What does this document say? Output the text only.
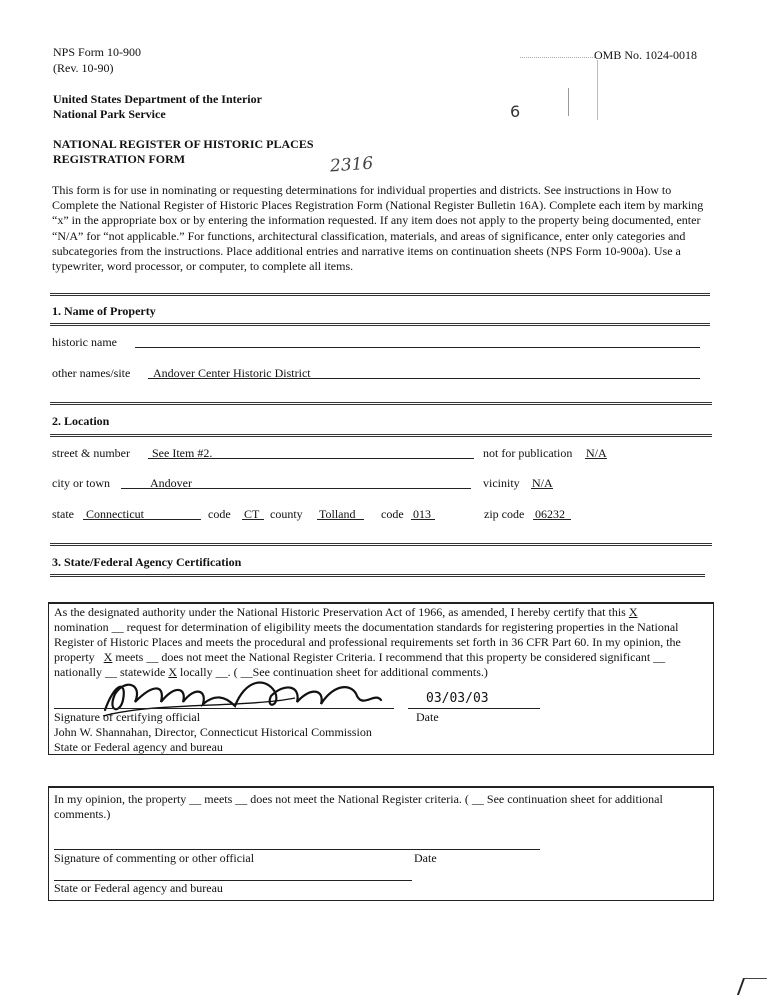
NPS Form 10-900
(Rev. 10-90)
OMB No. 1024-0018
6
United States Department of the Interior
National Park Service
NATIONAL REGISTER OF HISTORIC PLACES
REGISTRATION FORM	2316
This form is for use in nominating or requesting determinations for individual properties and districts. See instructions in How to Complete the National Register of Historic Places Registration Form (National Register Bulletin 16A). Complete each item by marking “x” in the appropriate box or by entering the information requested. If any item does not apply to the property being documented, enter “N/A” for “not applicable.” For functions, architectural classification, materials, and areas of significance, enter only categories and subcategories from the instructions. Place additional entries and narrative items on continuation sheets (NPS Form 10-900a). Use a typewriter, word processor, or computer, to complete all items.
1. Name of Property
historic name
other names/site Andover Center Historic District
2. Location
street & number See Item #2.	not for publication N/A
city or town	Andover	vicinity N/A
state Connecticut	code CT county Tolland code 013	zip code 06232
3. State/Federal Agency Certification
As the designated authority under the National Historic Preservation Act of 1966, as amended, I hereby certify that this X
nomination __ request for determination of eligibility meets the documentation standards for registering properties in the National
Register of Historic Places and meets the procedural and professional requirements set forth in 36 CFR Part 60. In my opinion, the
property X meets __ does not meet the National Register Criteria. I recommend that this property be considered significant __
nationally __ statewide X locally __. ( __See continuation sheet for additional comments.)
03/03/03
Signature of certifying official	Date
John W. Shannahan, Director, Connecticut Historical Commission
State or Federal agency and bureau
In my opinion, the property __ meets __ does not meet the National Register criteria. ( __ See continuation sheet for additional
comments.)
Signature of commenting or other official	Date
State or Federal agency and bureau
